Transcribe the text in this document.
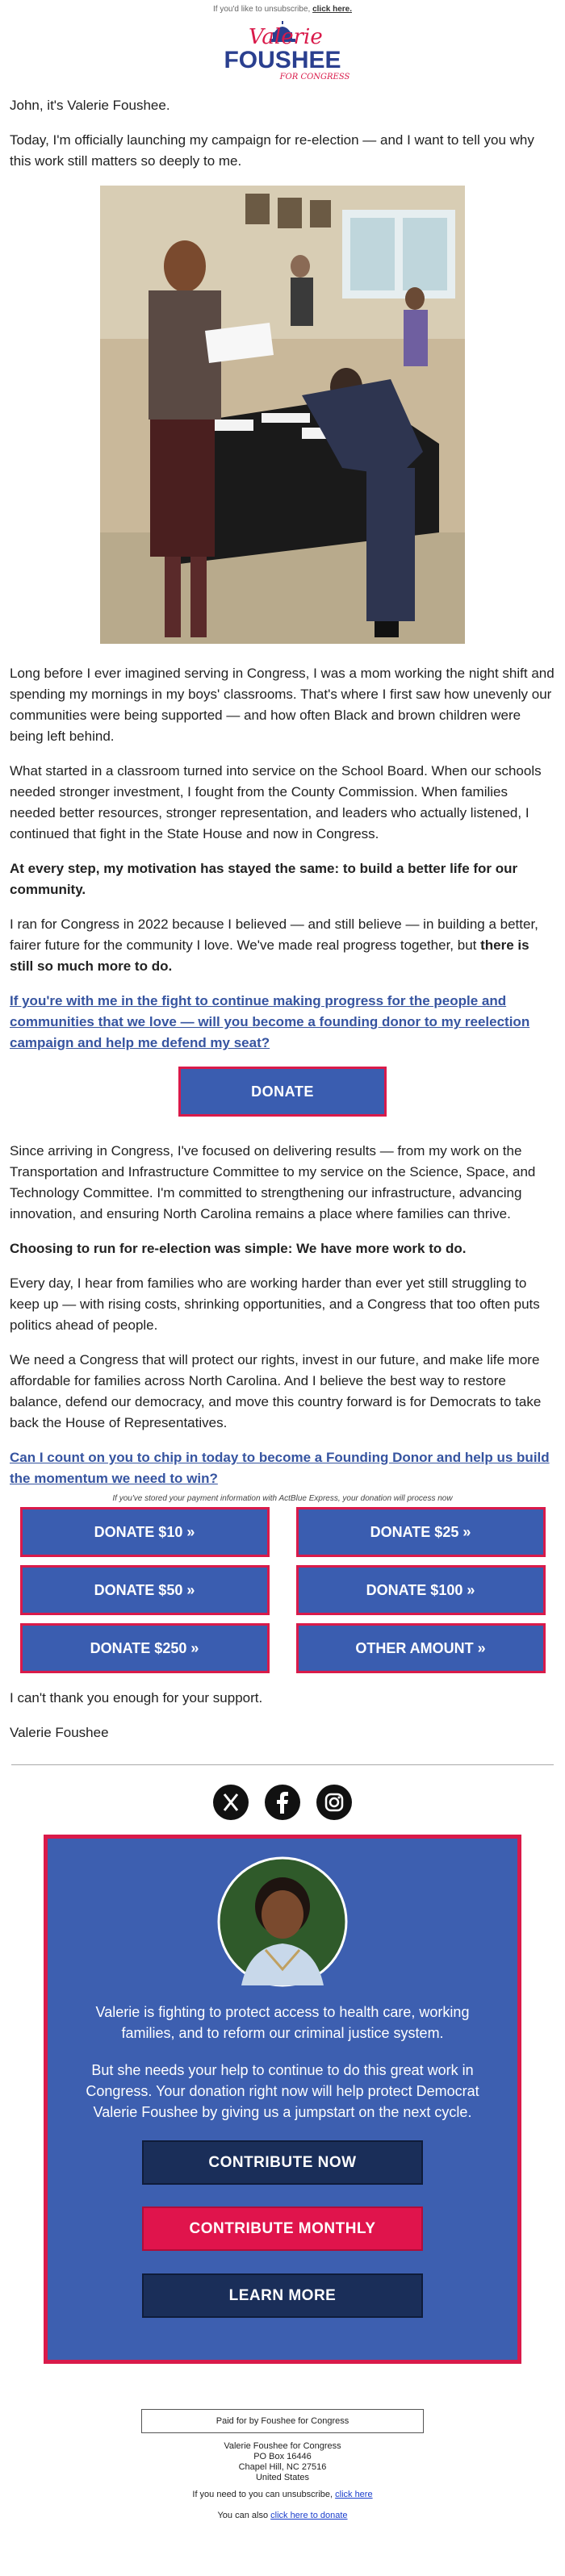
If you'd like to unsubscribe, click here.
Valerie
FOUSHEE
FOR CONGRESS

John, it's Valerie Foushee.

Today, I'm officially launching my campaign for re-election — and I want to tell you why this work still matters so deeply to me.

Long before I ever imagined serving in Congress, I was a mom working the night shift and spending my mornings in my boys' classrooms. That's where I first saw how unevenly our communities were being supported — and how often Black and brown children were being left behind.

What started in a classroom turned into service on the School Board. When our schools needed stronger investment, I fought from the County Commission. When families needed better resources, stronger representation, and leaders who actually listened, I continued that fight in the State House and now in Congress.

At every step, my motivation has stayed the same: to build a better life for our community.

I ran for Congress in 2022 because I believed — and still believe — in building a better, fairer future for the community I love. We've made real progress together, but there is still so much more to do.

If you're with me in the fight to continue making progress for the people and communities that we love — will you become a founding donor to my reelection campaign and help me defend my seat?
DONATE

Since arriving in Congress, I've focused on delivering results — from my work on the Transportation and Infrastructure Committee to my service on the Science, Space, and Technology Committee. I'm committed to strengthening our infrastructure, advancing innovation, and ensuring North Carolina remains a place where families can thrive.

Choosing to run for re-election was simple: We have more work to do.

Every day, I hear from families who are working harder than ever yet still struggling to keep up — with rising costs, shrinking opportunities, and a Congress that too often puts politics ahead of people.

We need a Congress that will protect our rights, invest in our future, and make life more affordable for families across North Carolina. And I believe the best way to restore balance, defend our democracy, and move this country forward is for Democrats to take back the House of Representatives.

Can I count on you to chip in today to become a Founding Donor and help us build the momentum we need to win?
If you've stored your payment information with ActBlue Express, your donation will process now
DONATE $10 »	DONATE $25 »
DONATE $50 »	DONATE $100 »
DONATE $250 »	OTHER AMOUNT »

I can't thank you enough for your support.

Valerie Foushee

Valerie is fighting to protect access to health care, working families, and to reform our criminal justice system.
But she needs your help to continue to do this great work in Congress. Your donation right now will help protect Democrat Valerie Foushee by giving us a jumpstart on the next cycle.
CONTRIBUTE NOW
CONTRIBUTE MONTHLY
LEARN MORE
Paid for by Foushee for Congress
Valerie Foushee for Congress
PO Box 16446
Chapel Hill, NC 27516
United States
If you need to you can unsubscribe, click here
You can also click here to donate
